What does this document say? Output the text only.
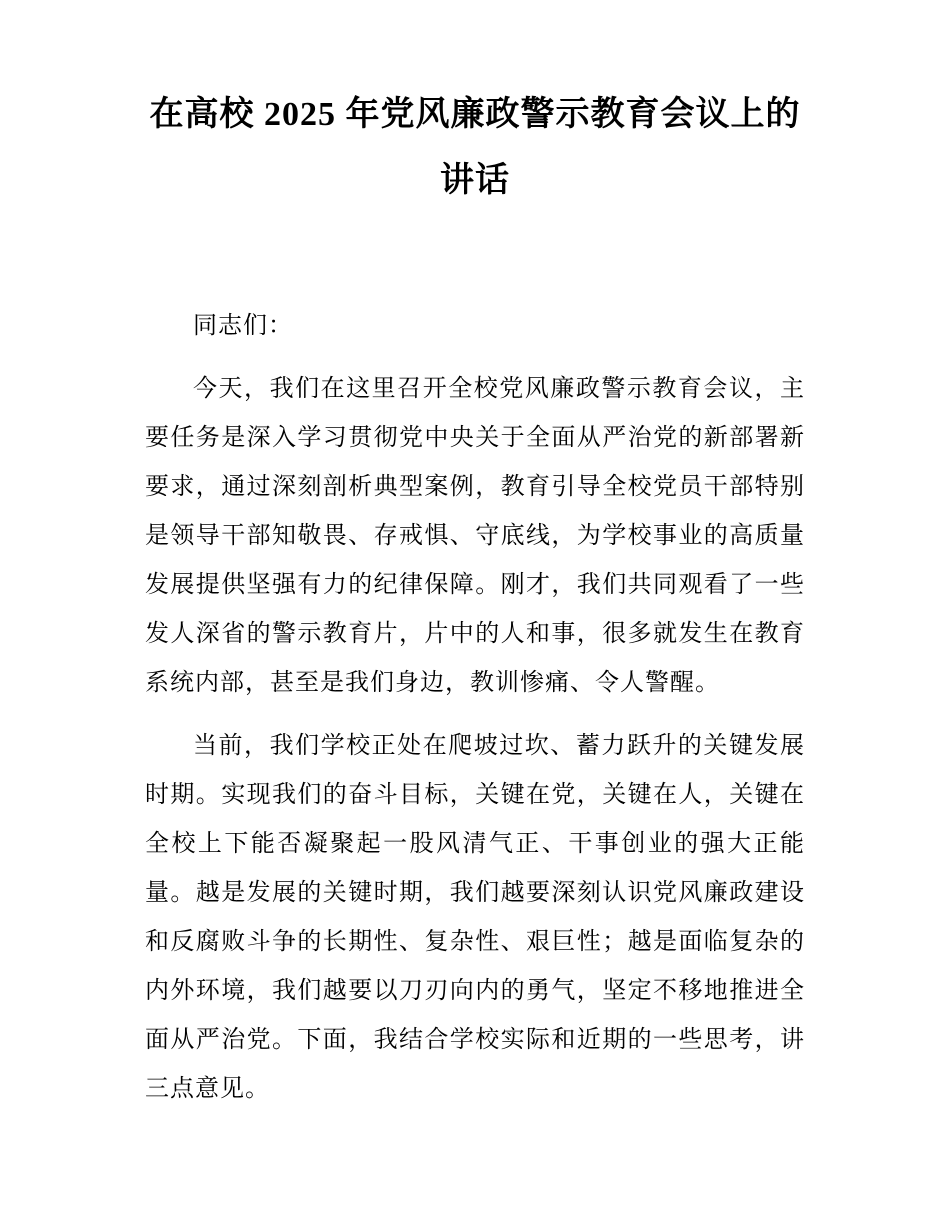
在高校 2025 年党风廉政警示教育会议上的讲话

同志们：

今天，我们在这里召开全校党风廉政警示教育会议，主要任务是深入学习贯彻党中央关于全面从严治党的新部署新要求，通过深刻剖析典型案例，教育引导全校党员干部特别是领导干部知敬畏、存戒惧、守底线，为学校事业的高质量发展提供坚强有力的纪律保障。刚才，我们共同观看了一些发人深省的警示教育片，片中的人和事，很多就发生在教育系统内部，甚至是我们身边，教训惨痛、令人警醒。

当前，我们学校正处在爬坡过坎、蓄力跃升的关键发展时期。实现我们的奋斗目标，关键在党，关键在人，关键在全校上下能否凝聚起一股风清气正、干事创业的强大正能量。越是发展的关键时期，我们越要深刻认识党风廉政建设和反腐败斗争的长期性、复杂性、艰巨性；越是面临复杂的内外环境，我们越要以刀刃向内的勇气，坚定不移地推进全面从严治党。下面，我结合学校实际和近期的一些思考，讲三点意见。
